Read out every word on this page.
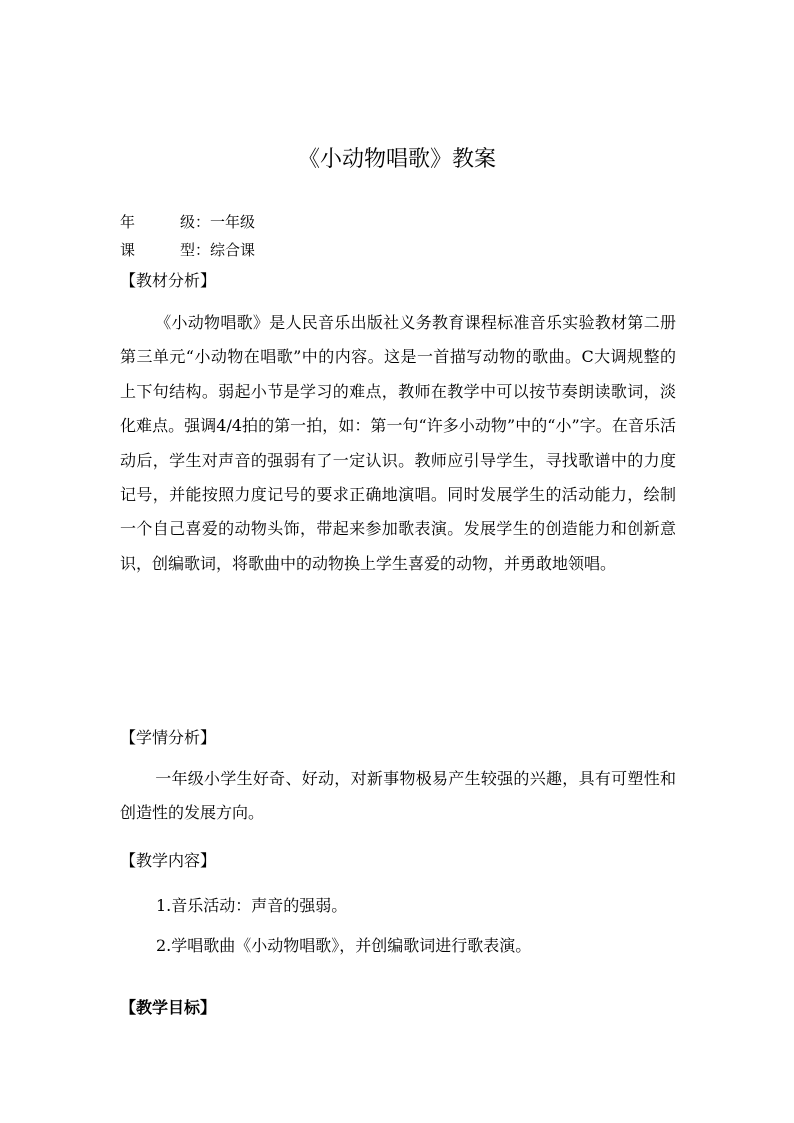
《小动物唱歌》教案
年	级：一年级
课	型：综合课
【教材分析】

《小动物唱歌》是人民音乐出版社义务教育课程标准音乐实验教材第二册第三单元“小动物在唱歌”中的内容。这是一首描写动物的歌曲。C大调规整的上下句结构。弱起小节是学习的难点，教师在教学中可以按节奏朗读歌词，淡化难点。强调4/4拍的第一拍，如：第一句“许多小动物”中的“小”字。在音乐活动后，学生对声音的强弱有了一定认识。教师应引导学生，寻找歌谱中的力度记号，并能按照力度记号的要求正确地演唱。同时发展学生的活动能力，绘制一个自己喜爱的动物头饰，带起来参加歌表演。发展学生的创造能力和创新意识，创编歌词，将歌曲中的动物换上学生喜爱的动物，并勇敢地领唱。

【学情分析】

一年级小学生好奇、好动，对新事物极易产生较强的兴趣，具有可塑性和创造性的发展方向。

【教学内容】
1.音乐活动：声音的强弱。
2.学唱歌曲《小动物唱歌》，并创编歌词进行歌表演。
【教学目标】
